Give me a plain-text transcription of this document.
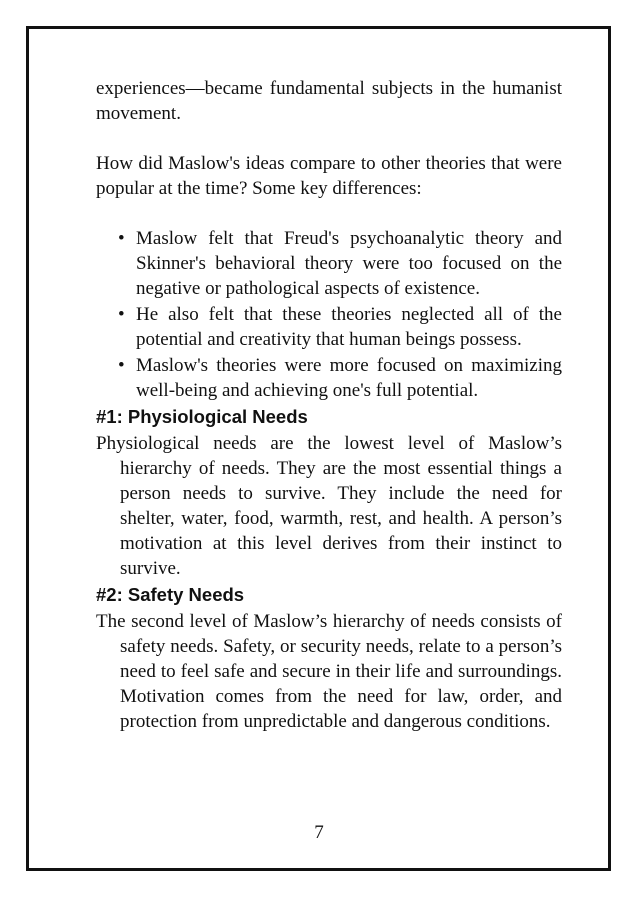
experiences—became fundamental subjects in the humanist movement.

How did Maslow's ideas compare to other theories that were popular at the time? Some key differences:

• Maslow felt that Freud's psychoanalytic theory and Skinner's behavioral theory were too focused on the negative or pathological aspects of existence.
• He also felt that these theories neglected all of the potential and creativity that human beings possess.
• Maslow's theories were more focused on maximizing well-being and achieving one's full potential.
#1: Physiological Needs

Physiological needs are the lowest level of Maslow’s hierarchy of needs. They are the most essential things a person needs to survive. They include the need for shelter, water, food, warmth, rest, and health. A person’s motivation at this level derives from their instinct to survive.

#2: Safety Needs

The second level of Maslow’s hierarchy of needs consists of safety needs. Safety, or security needs, relate to a person’s need to feel safe and secure in their life and surroundings. Motivation comes from the need for law, order, and protection from unpredictable and dangerous conditions.

7
